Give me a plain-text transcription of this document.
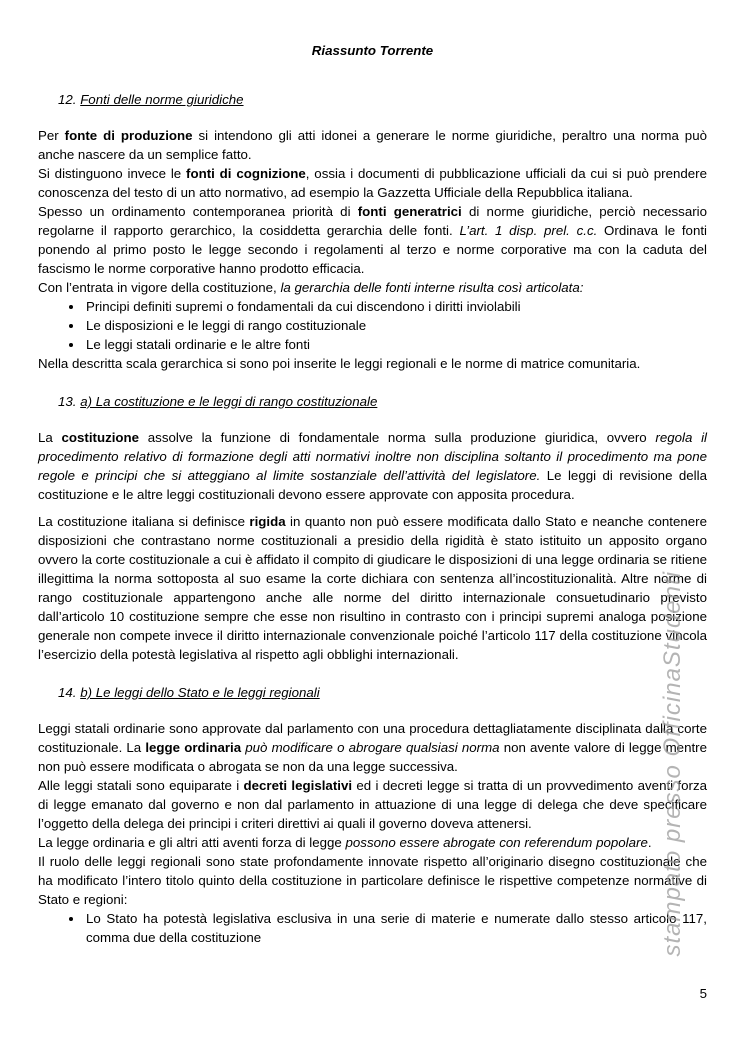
Riassunto Torrente
12. Fonti delle norme giuridiche

Per fonte di produzione si intendono gli atti idonei a generare le norme giuridiche, peraltro una norma può anche nascere da un semplice fatto.

Si distinguono invece le fonti di cognizione, ossia i documenti di pubblicazione ufficiali da cui si può prendere conoscenza del testo di un atto normativo, ad esempio la Gazzetta Ufficiale della Repubblica italiana.

Spesso un ordinamento contemporanea priorità di fonti generatrici di norme giuridiche, perciò necessario regolarne il rapporto gerarchico, la cosiddetta gerarchia delle fonti. L’art. 1 disp. prel. c.c. Ordinava le fonti ponendo al primo posto le legge secondo i regolamenti al terzo e norme corporative ma con la caduta del fascismo le norme corporative hanno prodotto efficacia.

Con l’entrata in vigore della costituzione, la gerarchia delle fonti interne risulta così articolata:

• Principi definiti supremi o fondamentali da cui discendono i diritti inviolabili
• Le disposizioni e le leggi di rango costituzionale
• Le leggi statali ordinarie e le altre fonti

Nella descritta scala gerarchica si sono poi inserite le leggi regionali e le norme di matrice comunitaria.

13. a) La costituzione e le leggi di rango costituzionale

La costituzione assolve la funzione di fondamentale norma sulla produzione giuridica, ovvero regola il procedimento relativo di formazione degli atti normativi inoltre non disciplina soltanto il procedimento ma pone regole e principi che si atteggiano al limite sostanziale dell’attività del legislatore. Le leggi di revisione della costituzione e le altre leggi costituzionali devono essere approvate con apposita procedura.

La costituzione italiana si definisce rigida in quanto non può essere modificata dallo Stato e neanche contenere disposizioni che contrastano norme costituzionali a presidio della rigidità è stato istituito un apposito organo ovvero la corte costituzionale a cui è affidato il compito di giudicare le disposizioni di una legge ordinaria se ritiene illegittima la norma sottoposta al suo esame la corte dichiara con sentenza all’incostituzionalità. Altre norme di rango costituzionale appartengono anche alle norme del diritto internazionale consuetudinario previsto dall’articolo 10 costituzione sempre che esse non risultino in contrasto con i principi supremi analoga posizione generale non compete invece il diritto internazionale convenzionale poiché l’articolo 117 della costituzione vincola l’esercizio della potestà legislativa al rispetto agli obblighi internazionali.

14. b) Le leggi dello Stato e le leggi regionali

Leggi statali ordinarie sono approvate dal parlamento con una procedura dettagliatamente disciplinata dalla corte costituzionale. La legge ordinaria può modificare o abrogare qualsiasi norma non avente valore di legge mentre non può essere modificata o abrogata se non da una legge successiva.

Alle leggi statali sono equiparate i decreti legislativi ed i decreti legge si tratta di un provvedimento aventi forza di legge emanato dal governo e non dal parlamento in attuazione di una legge di delega che deve specificare l’oggetto della delega dei principi i criteri direttivi ai quali il governo doveva attenersi.

La legge ordinaria e gli altri atti aventi forza di legge possono essere abrogate con referendum popolare.

Il ruolo delle leggi regionali sono state profondamente innovate rispetto all’originario disegno costituzionale che ha modificato l’intero titolo quinto della costituzione in particolare definisce le rispettive competenze normative di Stato e regioni:

• Lo Stato ha potestà legislativa esclusiva in una serie di materie e numerate dallo stesso articolo 117, comma due della costituzione	stampato presso OfficinaStudenti
5
